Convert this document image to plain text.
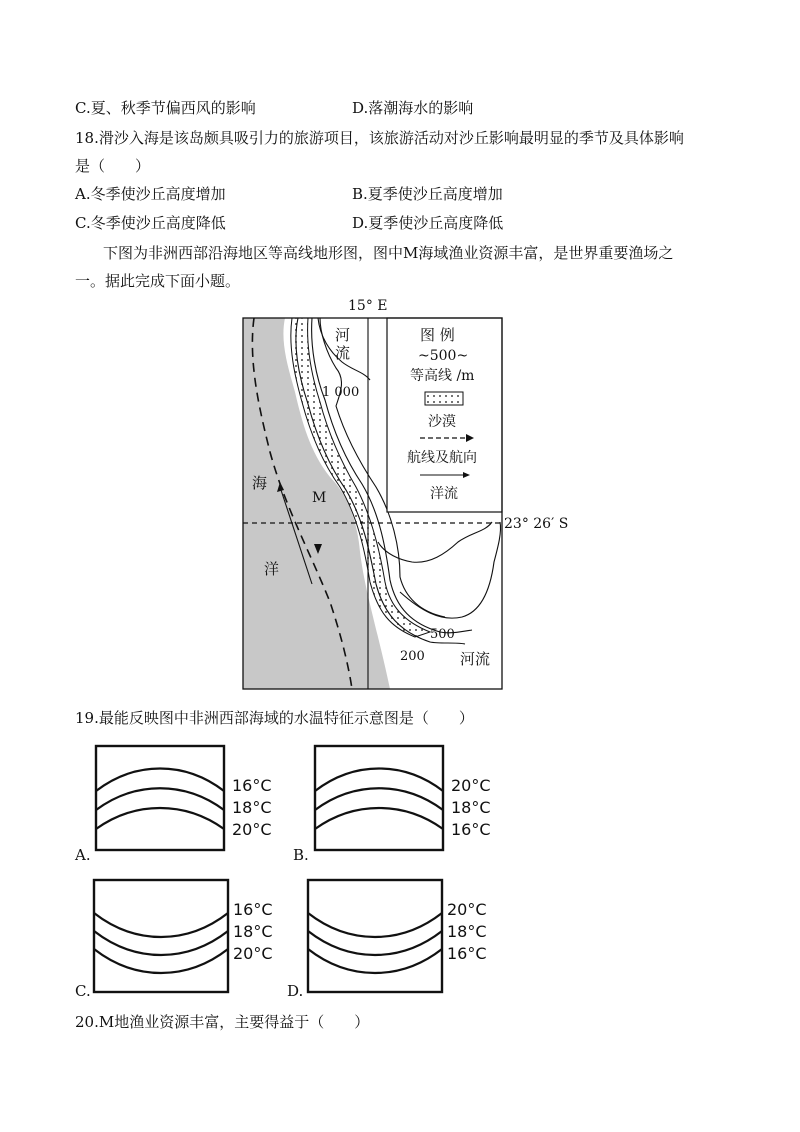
C.夏、秋季节偏西风的影响	D.落潮海水的影响
18.滑沙入海是该岛颇具吸引力的旅游项目，该旅游活动对沙丘影响最明显的季节及具体影响
是（　　）
A.冬季使沙丘高度增加	B.夏季使沙丘高度增加
C.冬季使沙丘高度降低	D.夏季使沙丘高度降低
下图为非洲西部沿海地区等高线地形图，图中M海域渔业资源丰富，是世界重要渔场之
一。据此完成下面小题。
15° E
河
流
1 000
500
200 河流
海
洋
M
图 例
~500~
等高线 /m
沙漠
航线及航向
洋流
23° 26′ S
19.最能反映图中非洲西部海域的水温特征示意图是（　　）
A.
16°C
18°C
20°C
B.
20°C
18°C
16°C
C.
16°C
18°C
20°C
D.
20°C
18°C
16°C
20.M地渔业资源丰富，主要得益于（　　）
